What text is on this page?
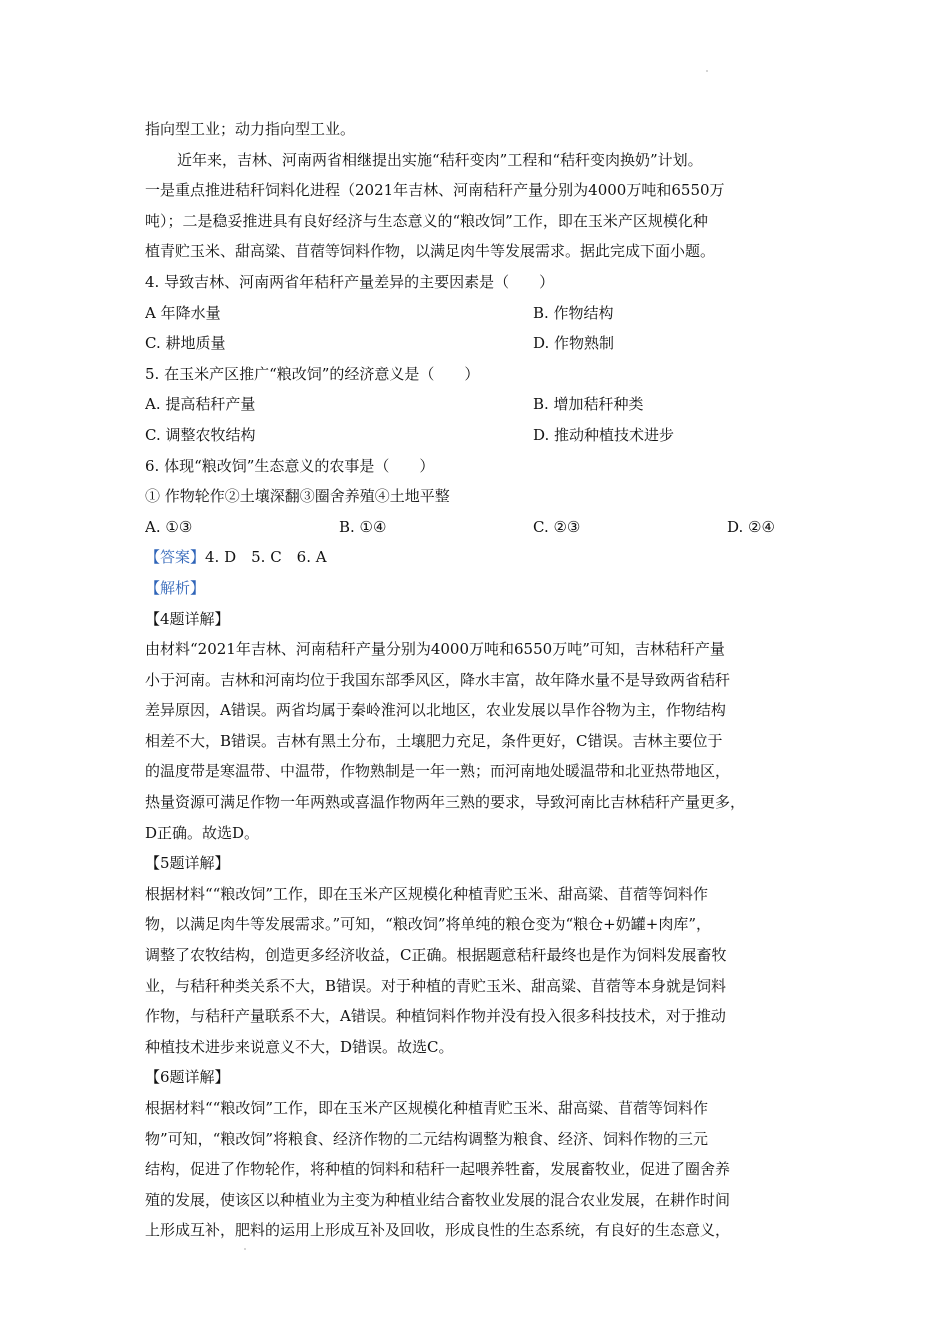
指向型工业；动力指向型工业。
近年来，吉林、河南两省相继提出实施“秸秆变肉”工程和“秸秆变肉换奶”计划。
一是重点推进秸秆饲料化进程（2021年吉林、河南秸秆产量分别为4000万吨和6550万
吨）；二是稳妥推进具有良好经济与生态意义的“粮改饲”工作，即在玉米产区规模化种
植青贮玉米、甜高粱、苜蓿等饲料作物，以满足肉牛等发展需求。据此完成下面小题。
4. 导致吉林、河南两省年秸秆产量差异的主要因素是（　　）
A 年降水量	B. 作物结构
C. 耕地质量	D. 作物熟制
5. 在玉米产区推广“粮改饲”的经济意义是（　　）
A. 提高秸秆产量	B. 增加秸秆种类
C. 调整农牧结构	D. 推动种植技术进步
6. 体现“粮改饲”生态意义的农事是（　　）
① 作物轮作②土壤深翻③圈舍养殖④土地平整
A. ①③	B. ①④	C. ②③	D. ②④
【答案】4. D　5. C　6. A
【解析】
【4题详解】
由材料“2021年吉林、河南秸秆产量分别为4000万吨和6550万吨”可知，吉林秸秆产量
小于河南。吉林和河南均位于我国东部季风区，降水丰富，故年降水量不是导致两省秸秆
差异原因，A错误。两省均属于秦岭淮河以北地区，农业发展以旱作谷物为主，作物结构
相差不大，B错误。吉林有黑土分布，土壤肥力充足，条件更好，C错误。吉林主要位于
的温度带是寒温带、中温带，作物熟制是一年一熟；而河南地处暖温带和北亚热带地区，
热量资源可满足作物一年两熟或喜温作物两年三熟的要求，导致河南比吉林秸秆产量更多，
D正确。故选D。
【5题详解】
根据材料““粮改饲”工作，即在玉米产区规模化种植青贮玉米、甜高粱、苜蓿等饲料作
物，以满足肉牛等发展需求。”可知，“粮改饲”将单纯的粮仓变为“粮仓+奶罐+肉库”，
调整了农牧结构，创造更多经济收益，C正确。根据题意秸秆最终也是作为饲料发展畜牧
业，与秸秆种类关系不大，B错误。对于种植的青贮玉米、甜高粱、苜蓿等本身就是饲料
作物，与秸秆产量联系不大，A错误。种植饲料作物并没有投入很多科技技术，对于推动
种植技术进步来说意义不大，D错误。故选C。
【6题详解】
根据材料““粮改饲”工作，即在玉米产区规模化种植青贮玉米、甜高粱、苜蓿等饲料作
物”可知，“粮改饲”将粮食、经济作物的二元结构调整为粮食、经济、饲料作物的三元
结构，促进了作物轮作，将种植的饲料和秸秆一起喂养牲畜，发展畜牧业，促进了圈舍养
殖的发展，使该区以种植业为主变为种植业结合畜牧业发展的混合农业发展，在耕作时间
上形成互补，肥料的运用上形成互补及回收，形成良性的生态系统，有良好的生态意义，
